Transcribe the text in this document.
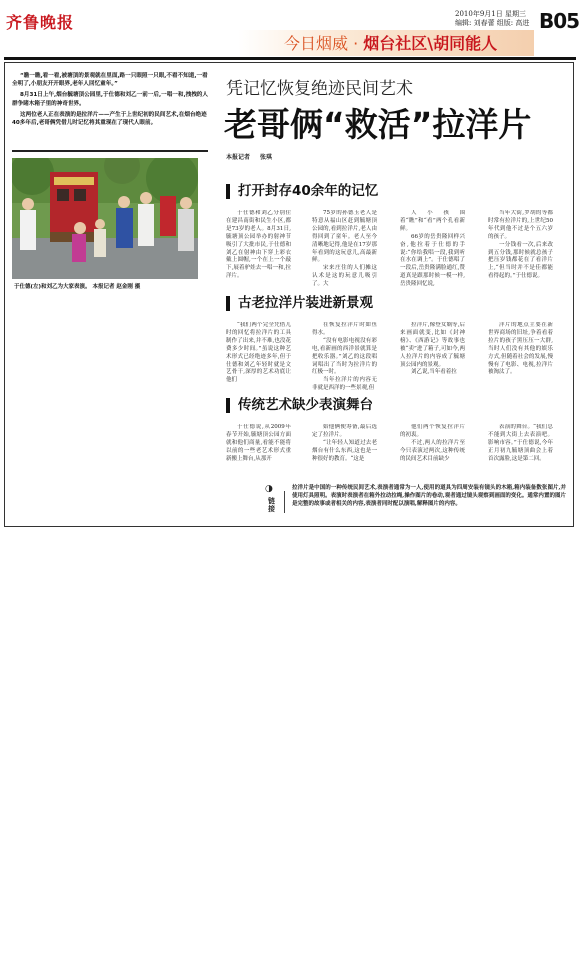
齐鲁晚报	2010年9月1日 星期三
编辑: 刘春蕾 组版: 高进 B05
今日烟威 · 烟台社区\胡同能人

“瞧一瞧,看一看,被塘顶的景观就在里面,路一只眼照一只眼,不看不知道,一看全明了,小朋友开开眼界,老年人回忆童年。”

8月31日上午,烟台毓塘顶公园里,于仕德和刘乙一前一后,一唱一和,拽拽的人群争睹木箱子里的神奇世界。

这两位老人正在表演的是拉洋片——产生于上世纪初的民间艺术,在烟台绝迹40多年后,老哥俩凭借儿时记忆将其重现在了现代人眼前。

于仕德(左)和刘乙为大家表演。 本报记者 赵金刚 摄
凭记忆恢复绝迹民间艺术
老哥俩“救活”拉洋片
本报记者 张琪
打开封存40余年的记忆

于仕德和刘乙分别住在建昌南街和民生小区,都是73岁的老人。8月31日,毓塘顶公园举办的射神节吸引了大批市民,于仕德和刘乙在射神由下穿上彩衣戴上圆帽,一个在上一个敲下,展着驴娃去一唱一和,拉洋片。

75岁的孙德玉老人是特意从福山区赶到毓塘顶公园的,看到拉洋片,老人由得回到了童年。老人至今清晰地记得,他是在17岁那年看到的这玩意儿,高最新鲜。

宋来庄住的人们摊这认术是这的玩意儿吸引了。大

人小孩围着“瞧”和“看”两个孔看新鲜。

66岁的岳贵隆回样兴奋,他拉着于仕德的手说:“你给我唱一段,我到听在水在调上”。于仕德唱了一段后,岳贵隆满脸通红,赞道真是跟那时候一模一样,岳贵隆回忆说,

当年大街,罗胡的等都时常有拉洋片的,上世纪50年代到他不过是个五六岁的孩子。

一分钱看一次,后来改到五分钱,那时候就总孩子把压岁钱都花在了看洋片上,“但当时并不是佳都能看得起的。”于仕德说。

古老拉洋片装进新景观

“我们两个完全凭借儿时的回忆将拉洋片的工具制作了出来,并不难,也没花费多少时间。”虽说这种艺术形式已经绝迹多年,但于仕德和刘乙年轻时就是文艺骨干,深厚的艺术功底让他们

在恢复拉洋片时如鱼得水。

“没有电影电视没有彩电,看新画的西洋景就算是把收乐器。”刘乙的这段唱词唱出了当时为拉洋片的红极一时。

当年拉洋片的内容无非就是西洋的一些景观,但

拉洋片,像登女娲等,后来画面就变,比如《封神榜》、《西游记》等故事也被“卖”进了箱子,可如今,两人拉洋片的内容成了毓塘顶公园内的景观。

刘乙说,当年看着拉

洋片的地点主要在新世界商场的旧址,争着看着拉片的孩子黑压压一大群,当时人们没有其他的娱乐方式,但随着社会的发展,慢慢有了电影、电视,拉洋片被淘汰了。

传统艺术缺少表演舞台

于仕德说,从2009年春节开始,毓塘顶公园方面就和他们商量,看能不能将以前的一些老艺术形式重新搬上舞台,从那开

始他俩便筹备,最后选定了拉洋片。

“让年轻人知道过去老烟台有什么东西,这也是一种很好的教育。“这是

他们两个恢复拉洋片的初衷。

不过,两人的拉洋片至今只表演过两次,这种传统的民间艺术目前缺少

表演的舞台。“我们总不能到大街上去表演吧。影响市容。”于仕德说,今年正月初九毓塘顶曲会上着首次露脸,这是第二回。

◑
链接
拉洋片是中国的一种传统民间艺术,表演者通常为一人,使用的道具为四周安装有镜头的木箱,箱内装备数张图片,并使用灯具照明。表演时表演者在箱外拉动拉绳,操作图片的卷动,观者通过镜头观察到画面的变化。通常内置的图片是完整的故事或者相关的内容,表演者同时配以演唱,解释图片的内容。
